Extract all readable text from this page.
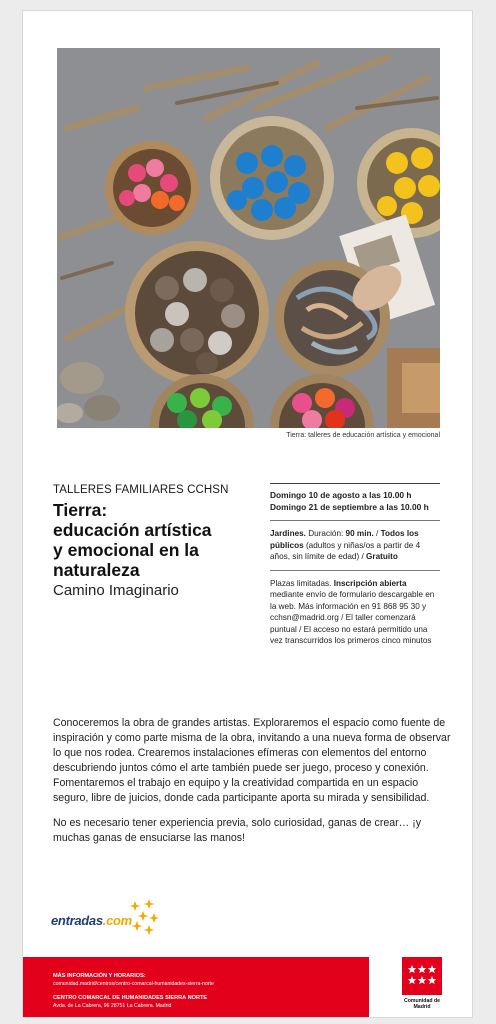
Tierra: talleres de educación artística y emocional
TALLERES FAMILIARES CCHSN
Tierra:
educación artística
y emocional en la
naturaleza
Camino Imaginario
Domingo 10 de agosto a las 10.00 h
Domingo 21 de septiembre a las 10.00 h
Jardines. Duración: 90 min. / Todos los públicos (adultos y niñas/os a partir de 4 años, sin límite de edad) / Gratuito
Plazas limitadas. Inscripción abierta mediante envío de formulario descargable en la web. Más información en 91 868 95 30 y cchsn@madrid.org / El taller comenzará puntual / El acceso no estará permitido una vez transcurridos los primeros cinco minutos

Conoceremos la obra de grandes artistas. Exploraremos el espacio como fuente de inspiración y como parte misma de la obra, invitando a una nueva forma de observar lo que nos rodea. Crearemos instalaciones efímeras con elementos del entorno descubriendo juntos cómo el arte también puede ser juego, proceso y conexión. Fomentaremos el trabajo en equipo y la creatividad compartida en un espacio seguro, libre de juicios, donde cada participante aporta su mirada y sensibilidad.

No es necesario tener experiencia previa, solo curiosidad, ganas de crear… ¡y muchas ganas de ensuciarse las manos!

entradas.com
MÁS INFORMACIÓN Y HORARIOS:
comunidad.madrid/centros/centro-comarcal-humanidades-sierra-norte
CENTRO COMARCAL DE HUMANIDADES SIERRA NORTE
Avda. de La Cabrera, 96 28751 La Cabrera. Madrid
Comunidad de Madrid
